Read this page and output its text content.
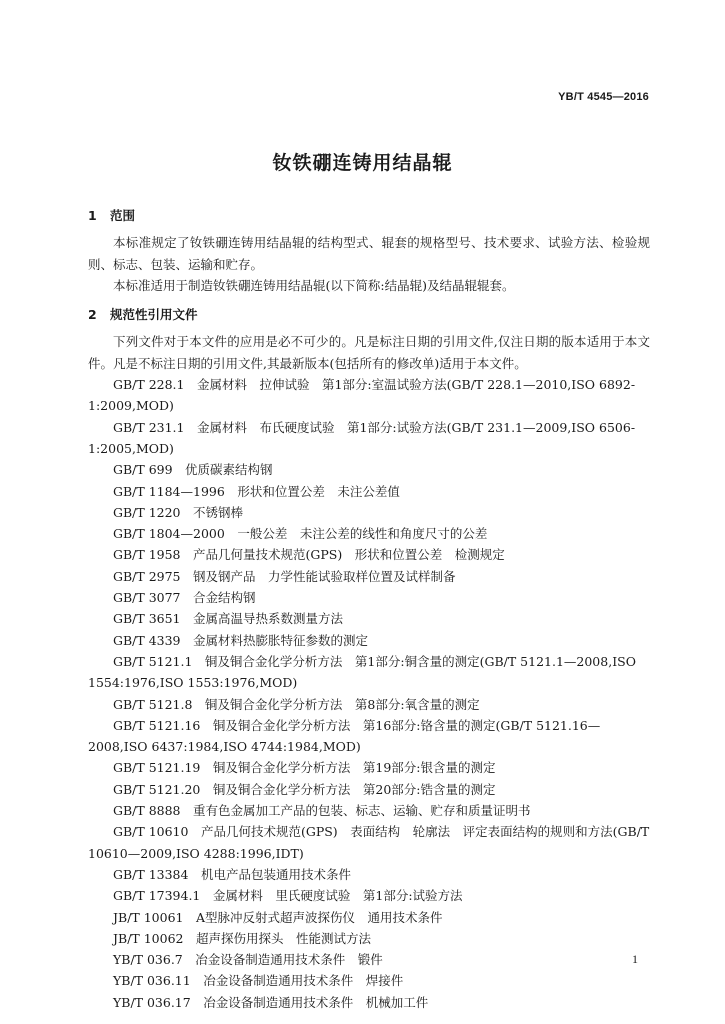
YB/T 4545—2016
钕铁硼连铸用结晶辊
1 范围

本标准规定了钕铁硼连铸用结晶辊的结构型式、辊套的规格型号、技术要求、试验方法、检验规则、标志、包装、运输和贮存。

本标准适用于制造钕铁硼连铸用结晶辊(以下简称:结晶辊)及结晶辊辊套。

2 规范性引用文件

下列文件对于本文件的应用是必不可少的。凡是标注日期的引用文件,仅注日期的版本适用于本文件。凡是不标注日期的引用文件,其最新版本(包括所有的修改单)适用于本文件。

GB/T 228.1　金属材料　拉伸试验　第1部分:室温试验方法(GB/T 228.1—2010,ISO 6892-1:2009,MOD)
GB/T 231.1　金属材料　布氏硬度试验　第1部分:试验方法(GB/T 231.1—2009,ISO 6506-1:2005,MOD)
GB/T 699　优质碳素结构钢
GB/T 1184—1996　形状和位置公差　未注公差值
GB/T 1220　不锈钢棒
GB/T 1804—2000　一般公差　未注公差的线性和角度尺寸的公差
GB/T 1958　产品几何量技术规范(GPS)　形状和位置公差　检测规定
GB/T 2975　钢及钢产品　力学性能试验取样位置及试样制备
GB/T 3077　合金结构钢
GB/T 3651　金属高温导热系数测量方法
GB/T 4339　金属材料热膨胀特征参数的测定
GB/T 5121.1　铜及铜合金化学分析方法　第1部分:铜含量的测定(GB/T 5121.1—2008,ISO 1554:1976,ISO 1553:1976,MOD)
GB/T 5121.8　铜及铜合金化学分析方法　第8部分:氧含量的测定
GB/T 5121.16　铜及铜合金化学分析方法　第16部分:铬含量的测定(GB/T 5121.16—2008,ISO 6437:1984,ISO 4744:1984,MOD)
GB/T 5121.19　铜及铜合金化学分析方法　第19部分:银含量的测定
GB/T 5121.20　铜及铜合金化学分析方法　第20部分:锆含量的测定
GB/T 8888　重有色金属加工产品的包装、标志、运输、贮存和质量证明书
GB/T 10610　产品几何技术规范(GPS)　表面结构　轮廓法　评定表面结构的规则和方法(GB/T 10610—2009,ISO 4288:1996,IDT)
GB/T 13384　机电产品包装通用技术条件
GB/T 17394.1　金属材料　里氏硬度试验　第1部分:试验方法
JB/T 10061　A型脉冲反射式超声波探伤仪　通用技术条件
JB/T 10062　超声探伤用探头　性能测试方法
YB/T 036.7　冶金设备制造通用技术条件　锻件
YB/T 036.11　冶金设备制造通用技术条件　焊接件
YB/T 036.17　冶金设备制造通用技术条件　机械加工件
1
